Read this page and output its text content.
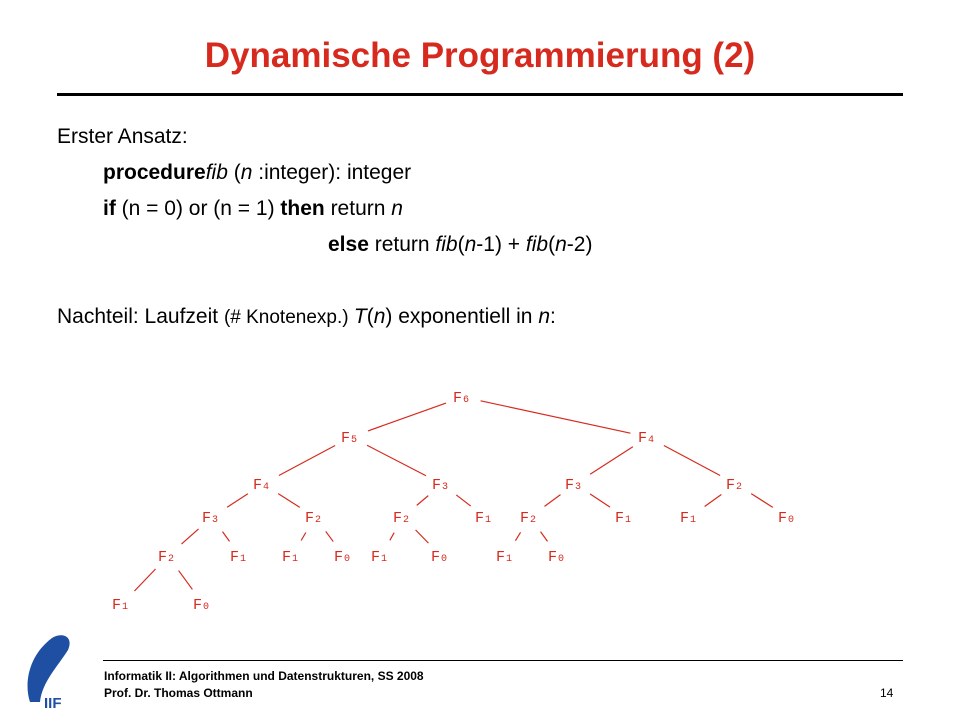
Dynamische Programmierung (2)
Erster Ansatz:
procedurefib (n :integer): integer
if (n = 0) or (n = 1) then return n
else return fib(n-1) + fib(n-2)
Nachteil: Laufzeit (# Knotenexp.) T(n) exponentiell in n:
F6
F5	F4
F4	F3	F3	F2
F3	F2	F2	F1 F2	F1	F1	F0
F2	F1 F1 F0 F1	F0	F1 F0
F1	F0
Informatik II: Algorithmen und Datenstrukturen, SS 2008
Prof. Dr. Thomas Ottmann	14
IIF
